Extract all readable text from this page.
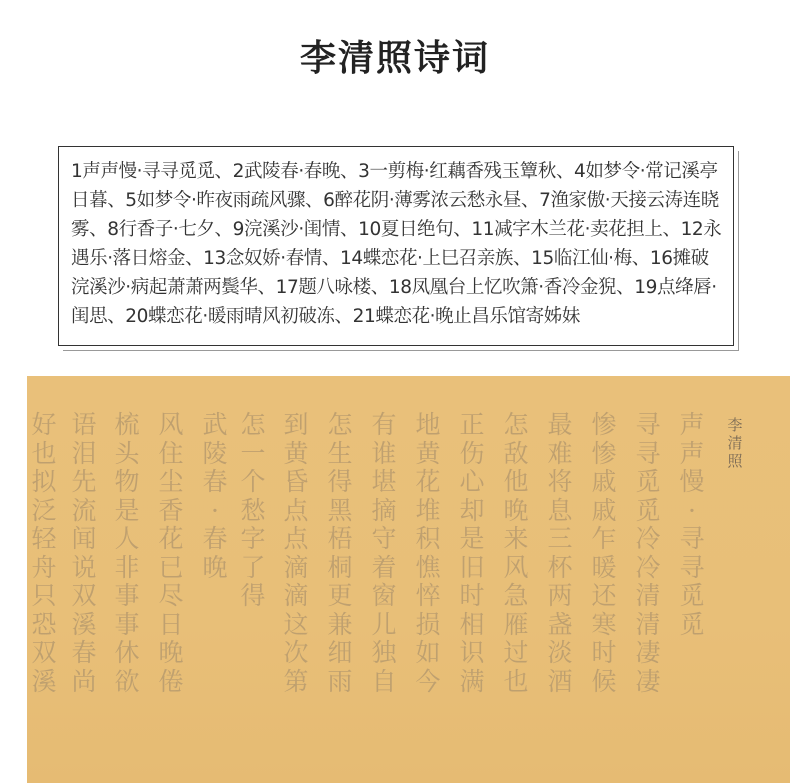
李清照诗词
1声声慢·寻寻觅觅、2武陵春·春晚、3一剪梅·红藕香残玉簟秋、4如梦令·常记溪亭日暮、5如梦令·昨夜雨疏风骤、6醉花阴·薄雾浓云愁永昼、7渔家傲·天接云涛连晓雾、8行香子·七夕、9浣溪沙·闺情、10夏日绝句、11减字木兰花·卖花担上、12永遇乐·落日熔金、13念奴娇·春情、14蝶恋花·上巳召亲族、15临江仙·梅、16摊破浣溪沙·病起萧萧两鬓华、17题八咏楼、18凤凰台上忆吹箫·香冷金猊、19点绛唇·闺思、20蝶恋花·暖雨晴风初破冻、21蝶恋花·晚止昌乐馆寄姊妹
李
清
照
声
声
慢
·
寻
寻
觅
觅
寻
寻
觅
觅
冷
冷
清
清
凄
凄
惨
惨
戚
戚
乍
暖
还
寒
时
候
最
难
将
息
三
杯
两
盏
淡
酒
怎
敌
他
晚
来
风
急
雁
过
也
正
伤
心
却
是
旧
时
相
识
满
地
黄
花
堆
积
憔
悴
损
如
今
有
谁
堪
摘
守
着
窗
儿
独
自
怎
生
得
黑
梧
桐
更
兼
细
雨
到
黄
昏
点
点
滴
滴
这
次
第
怎
一
个
愁
字
了
得
武
陵
春
·
春
晚
风
住
尘
香
花
已
尽
日
晚
倦
梳
头
物
是
人
非
事
事
休
欲
语
泪
先
流
闻
说
双
溪
春
尚
好
也
拟
泛
轻
舟
只
恐
双
溪
